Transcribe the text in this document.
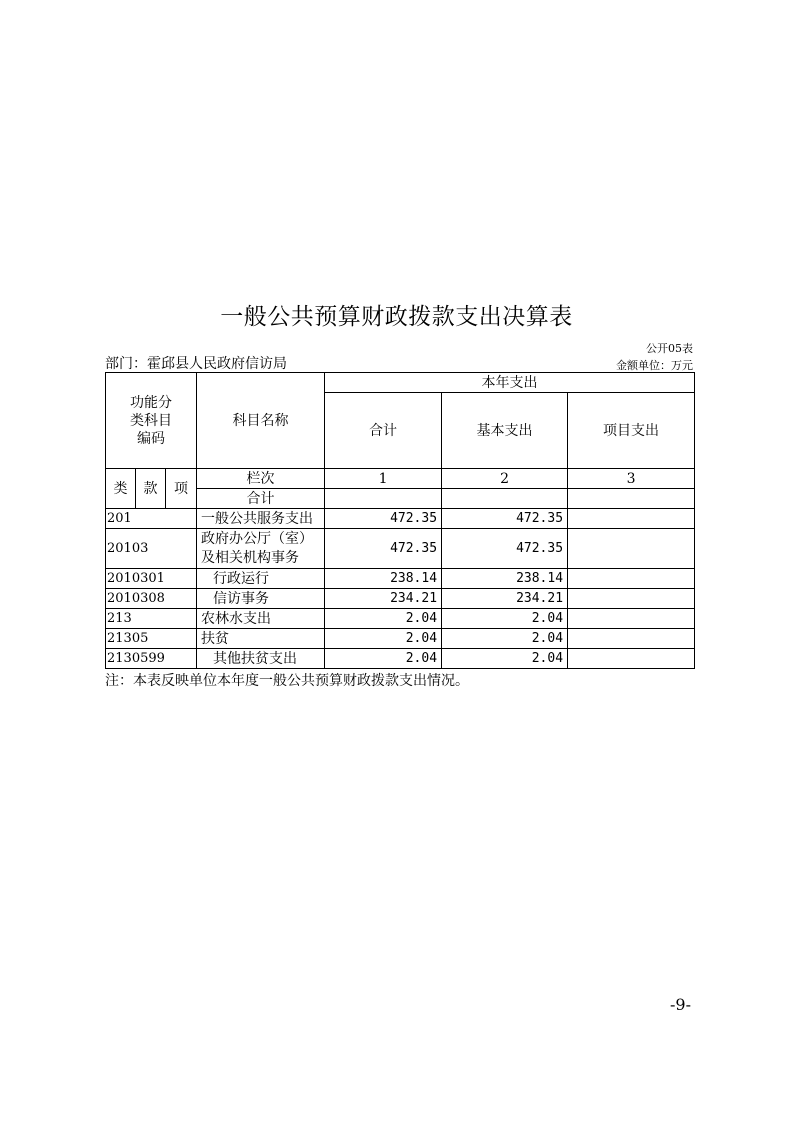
一般公共预算财政拨款支出决算表
公开05表
部门：霍邱县人民政府信访局	金额单位：万元
功能分类科目编码			科目名称	本年支出		
				合计	基本支出	项目支出
类	款	项	栏次	1	2	3
			合计			
201			一般公共服务支出	472.35	472.35	
20103			政府办公厅（室）及相关机构事务	472.35	472.35	
2010301			行政运行	238.14	238.14	
2010308			信访事务	234.21	234.21	
213			农林水支出	2.04	2.04	
21305			扶贫	2.04	2.04	
2130599			其他扶贫支出	2.04	2.04	
注：本表反映单位本年度一般公共预算财政拨款支出情况。
-9-
